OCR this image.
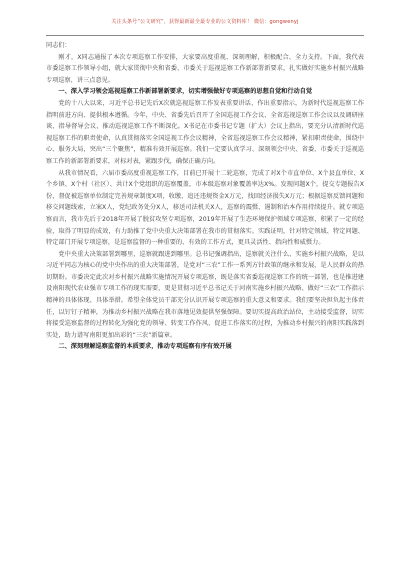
关注头条号“公文研究”，获得最新最全最专业的公文资料库！ 微信：gongwenyj

同志们：

刚才，X同志通报了本次专项巡察工作安排，大家要高度重视、深刻理解，积极配合、全力支持。下面，我代表市委巡察工作领导小组，就大家贯彻中央和省委、市委关于巡视巡察工作新部署新要求，扎实做好实施乡村振兴战略专项巡察，讲三点意见。

一、深入学习领会巡视巡察工作新部署新要求，切实增强做好专项巡察的思想自觉和行动自觉

党的十八大以来，习近平总书记先后X次就巡视巡察工作发表重要讲话、作出重要指示，为新时代巡视巡察工作指明前进方向、提供根本遵循。今年，中央、省委先后召开了全国巡视工作会议、全省巡视巡察工作会议以及调研座谈、指导督导会议，推动巡视巡察工作不断深化。X书记在市委书记专题（扩大）会议上指出，要充分认清新时代巡视巡察工作的职责使命，认真贯彻落实全国巡视工作会议精神，全省巡视巡察工作会议精神，紧扣职责使命，围绕中心、服务大局，突出“三个聚焦”，精准有效开展巡察。我们一定要认真学习、深刻领会中央、省委、市委关于巡视巡察工作的新部署新要求，对标对表，紧跟步伐，确保正确方向。

从我市情况看，六届市委高度重视巡察工作，目前已开展十二轮巡察，完成了对X个市直单位、X个县直单位、X个乡镇、X个村（社区）、共计X个党组织的巡察覆盖，市本级巡察对象覆盖率达X%。发现问题X个，提交专题报告X份，督促被巡察单位制定完善规章制度X项，收缴、追还违规资金X万元，找回经济损失X万元；根据巡察反馈问题和移交问题线索，立案X人，党纪政务处分X人，移送司法机关X人，巡察的震慑、遏制和治本作用持续提升。就专项巡察而言，我市先后于2018年开展了脱贫攻坚专项巡察，2019年开展了生态环境保护领域专项巡察，积累了一定的经验，取得了明显的成效，有力助推了党中央重大决策部署在我市的贯彻落实。实践证明，针对特定领域、特定问题、特定部门开展专项巡察，是巡察监督的一种重要的、有效的工作方式，更具灵活性、指向性和威慑力。

党中央重大决策部署到哪里，巡察就跟进到哪里。总书记强调指出，巡察就关注什么、实施乡村振兴战略，是以习近平同志为核心的党中央作出的重大决策部署，是党对“三农”工作一系列方针政策的继承和发展，是人民群众的热切期盼。市委决定此次对乡村振兴战略实施情况开展专项巡察，既是落实省委巡视巡察工作的统一部署，也是推进建设南阳现代农业强市专项工作的现实需要，更是贯彻习近平总书记关于河南实施乡村振兴战略、做好“三农”工作指示精神的具体体现、具体举措。希望全体党员干部充分认识开展专项巡察的重大意义和要求。我们要坚决担负起主体责任，以钉钉子精神，为推动乡村振兴战略在我市落地见效提供坚强保障。要切实提高政治站位，主动接受监督，切实将接受巡察监督的过程转化为强化党的领导、转变工作作风、促进工作落实的过程，为推动乡村振兴的南阳实践落到实处，助力谱写南阳更加出彩的“三农”新篇章。

二、深刻理解巡察监督的本质要求，推动专项巡察有序有效开展
